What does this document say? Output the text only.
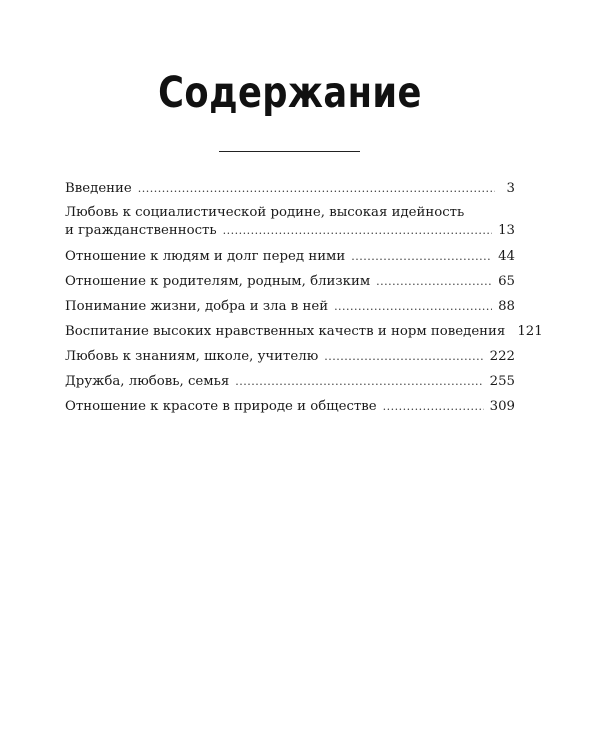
Содержание
Введение .....	3
Любовь к социалистической родине, высокая идейность
и гражданственность .....	13
Отношение к людям и долг перед ними .....	44
Отношение к родителям, родным, близким .....	65
Понимание жизни, добра и зла в ней .....	88
Воспитание высоких нравственных качеств и норм поведения 121
Любовь к знаниям, школе, учителю .....	222
Дружба, любовь, семья .....	255
Отношение к красоте в природе и обществе .....	309
